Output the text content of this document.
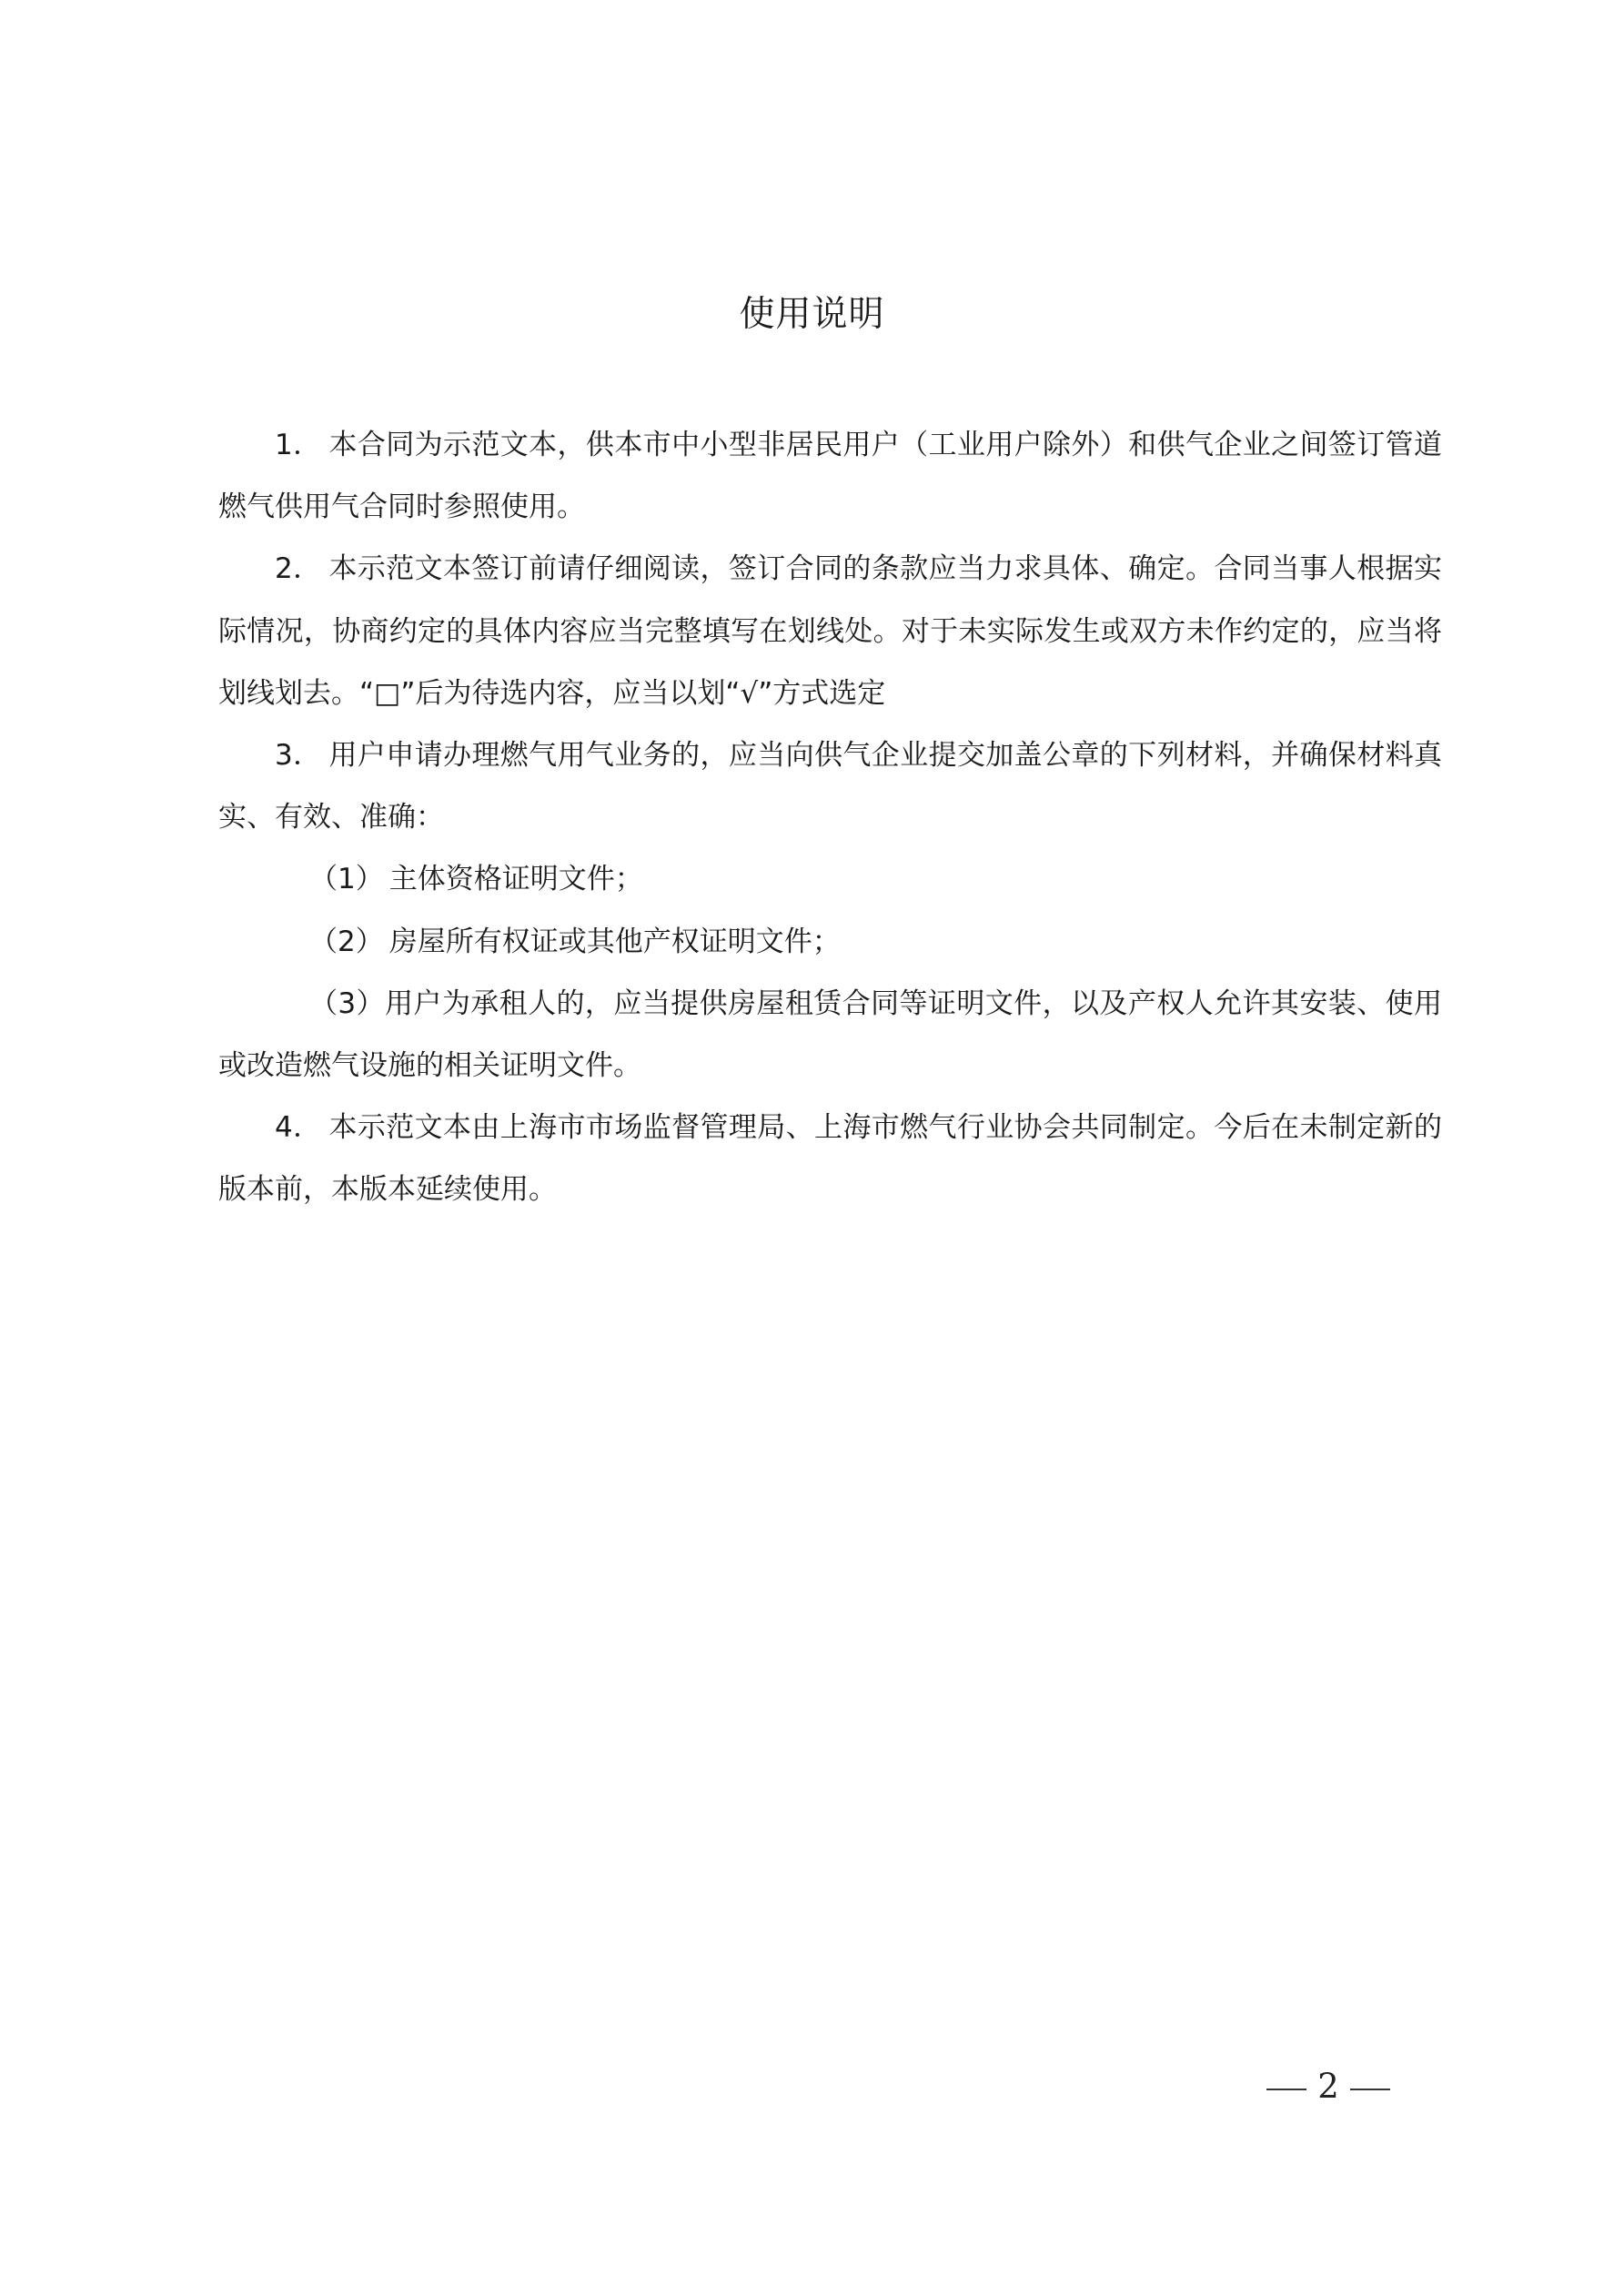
使用说明

1． 本合同为示范文本，供本市中小型非居民用户（工业用户除外）和供气企业之间签订管道燃气供用气合同时参照使用。

2． 本示范文本签订前请仔细阅读，签订合同的条款应当力求具体、确定。合同当事人根据实际情况，协商约定的具体内容应当完整填写在划线处。对于未实际发生或双方未作约定的，应当将划线划去。“□”后为待选内容，应当以划“√”方式选定

3． 用户申请办理燃气用气业务的，应当向供气企业提交加盖公章的下列材料，并确保材料真实、有效、准确：

（1） 主体资格证明文件；

（2） 房屋所有权证或其他产权证明文件；

（3）用户为承租人的，应当提供房屋租赁合同等证明文件，以及产权人允许其安装、使用或改造燃气设施的相关证明文件。

4． 本示范文本由上海市市场监督管理局、上海市燃气行业协会共同制定。今后在未制定新的版本前，本版本延续使用。

2
